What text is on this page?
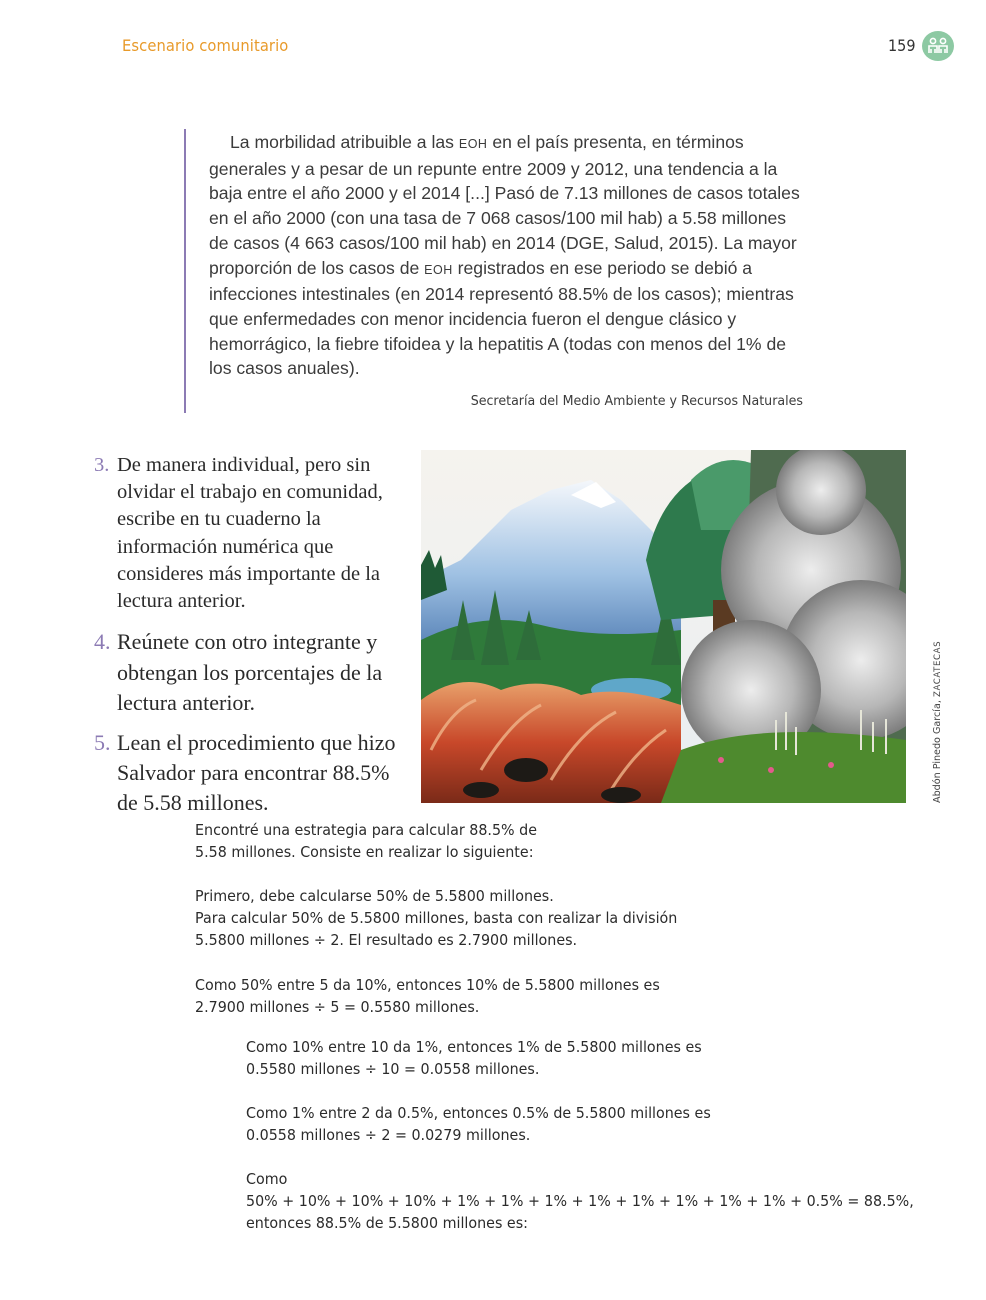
Escenario comunitario	159

La morbilidad atribuible a las EOH en el país presenta, en términos generales y a pesar de un repunte entre 2009 y 2012, una tendencia a la baja entre el año 2000 y el 2014 [...] Pasó de 7.13 millones de casos totales en el año 2000 (con una tasa de 7 068 casos/100 mil hab) a 5.58 millones de casos (4 663 casos/100 mil hab) en 2014 (DGE, Salud, 2015). La mayor proporción de los casos de EOH registrados en ese periodo se debió a infecciones intestinales (en 2014 representó 88.5% de los casos); mientras que enfermedades con menor incidencia fueron el dengue clásico y hemorrágico, la fiebre tifoidea y la hepatitis A (todas con menos del 1% de los casos anuales).

Secretaría del Medio Ambiente y Recursos Naturales
3. De manera individual, pero sin olvidar el trabajo en comunidad, escribe en tu cuaderno la información numérica que consideres más importante de la lectura anterior.
4. Reúnete con otro integrante y obtengan los porcentajes de la lectura anterior.
5. Lean el procedimiento que hizo Salvador para encontrar 88.5% de 5.58 millones.	Abdón Pinedo García, ZACATECAS

Encontré una estrategia para calcular 88.5% de

5.58 millones. Consiste en realizar lo siguiente:

Primero, debe calcularse 50% de 5.5800 millones.

Para calcular 50% de 5.5800 millones, basta con realizar la división

5.5800 millones ÷ 2. El resultado es 2.7900 millones.

Como 50% entre 5 da 10%, entonces 10% de 5.5800 millones es

2.7900 millones ÷ 5 = 0.5580 millones.

Como 10% entre 10 da 1%, entonces 1% de 5.5800 millones es

0.5580 millones ÷ 10 = 0.0558 millones.

Como 1% entre 2 da 0.5%, entonces 0.5% de 5.5800 millones es

0.0558 millones ÷ 2 = 0.0279 millones.

Como

50% + 10% + 10% + 10% + 1% + 1% + 1% + 1% + 1% + 1% + 1% + 1% + 0.5% = 88.5%,

entonces 88.5% de 5.5800 millones es:
